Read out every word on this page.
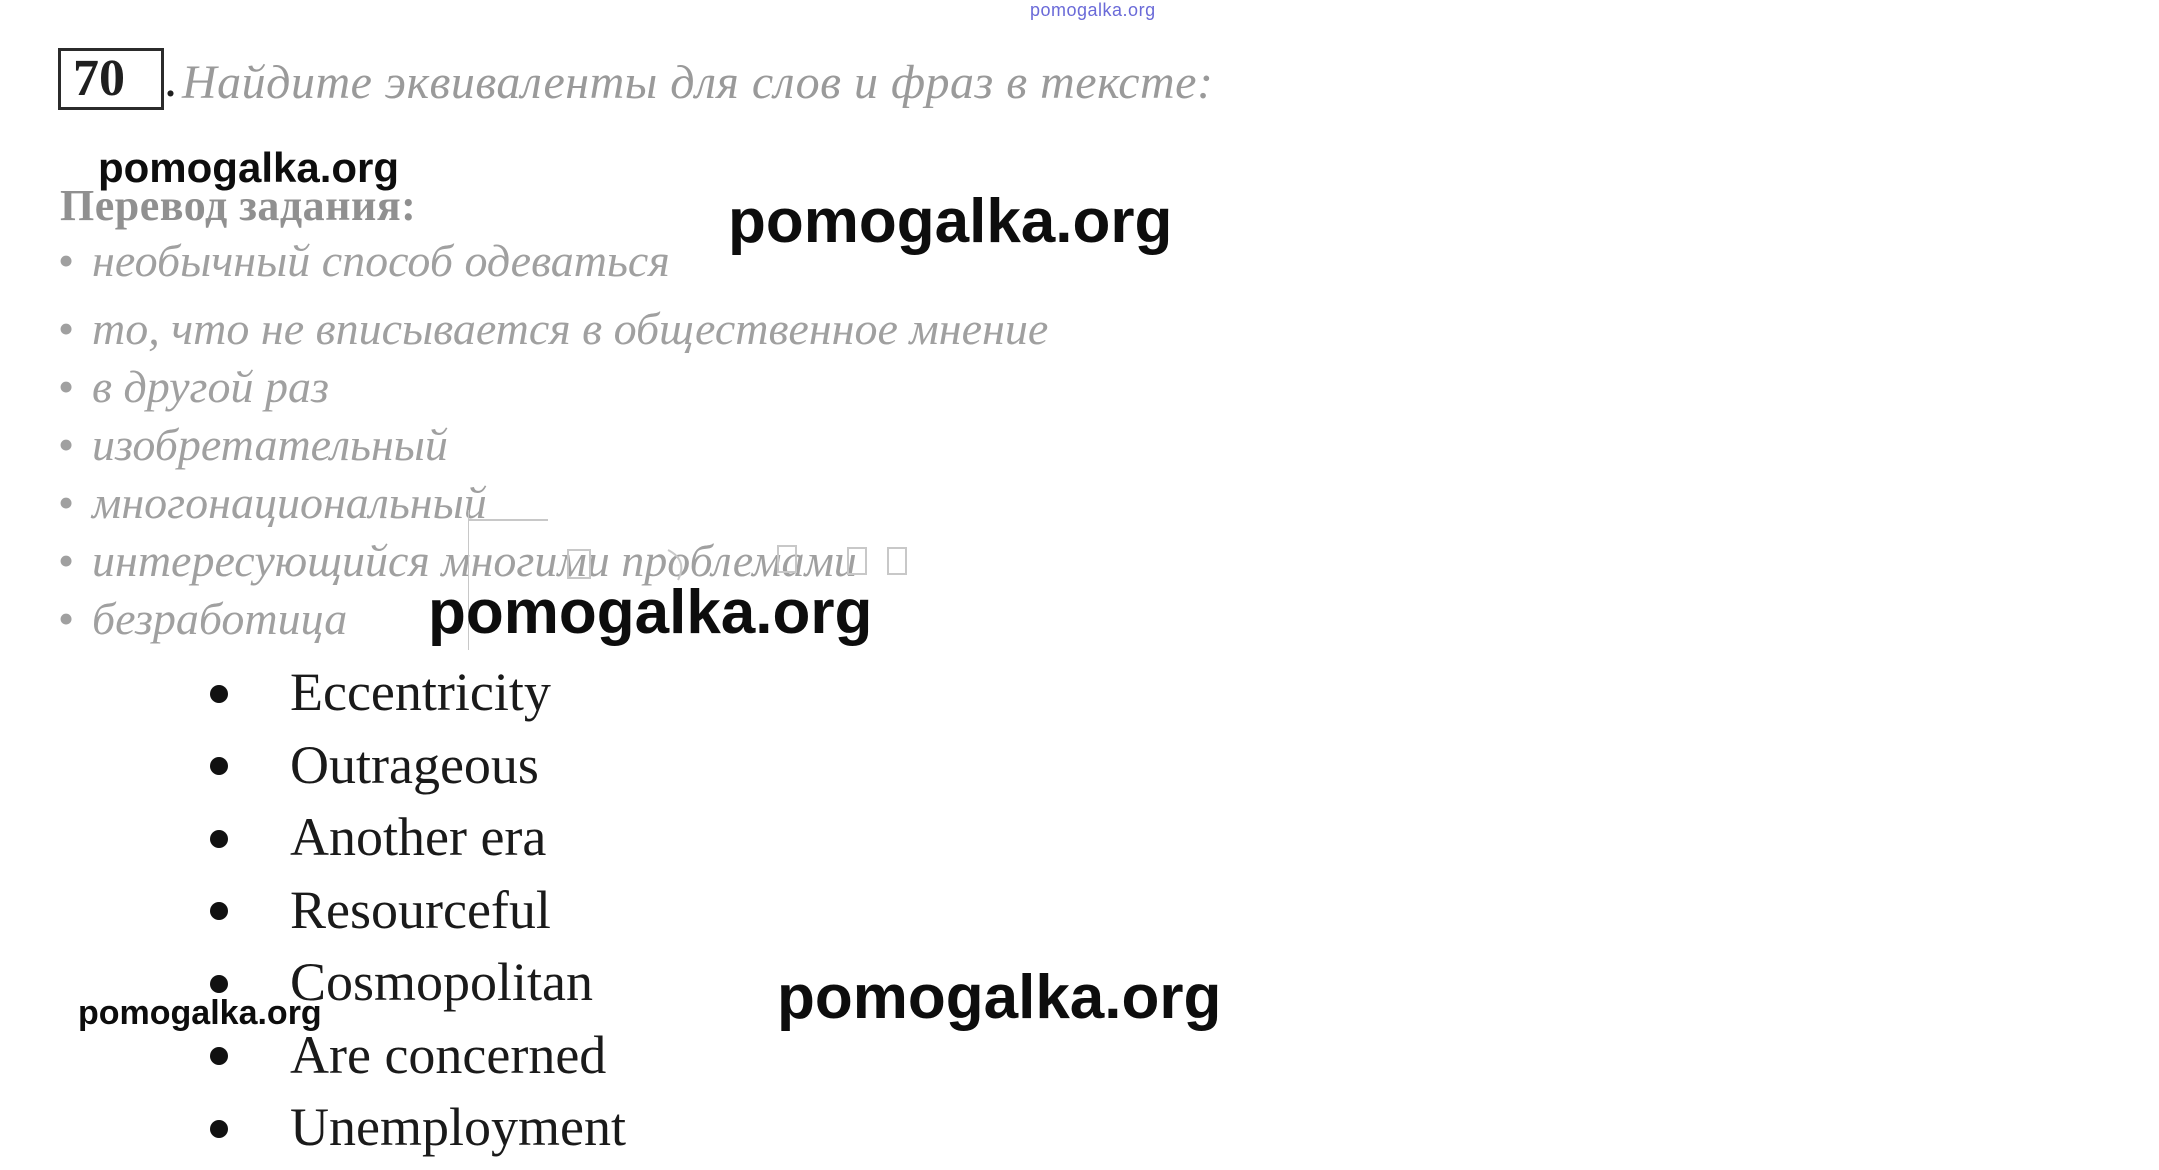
pomogalka.org
70 . Найдите эквиваленты для слов и фраз в тексте:
Перевод задания:
• необычный способ одеваться
• то, что не вписывается в общественное мнение
• в другой раз
• изобретательный
• многонациональный
• интересующийся многими проблемами
• безработица
Eccentricity
Outrageous
Another era
Resourceful
Cosmopolitan
Are concerned
Unemployment
pomogalka.org
pomogalka.org
pomogalka.org
pomogalka.org
pomogalka.org
